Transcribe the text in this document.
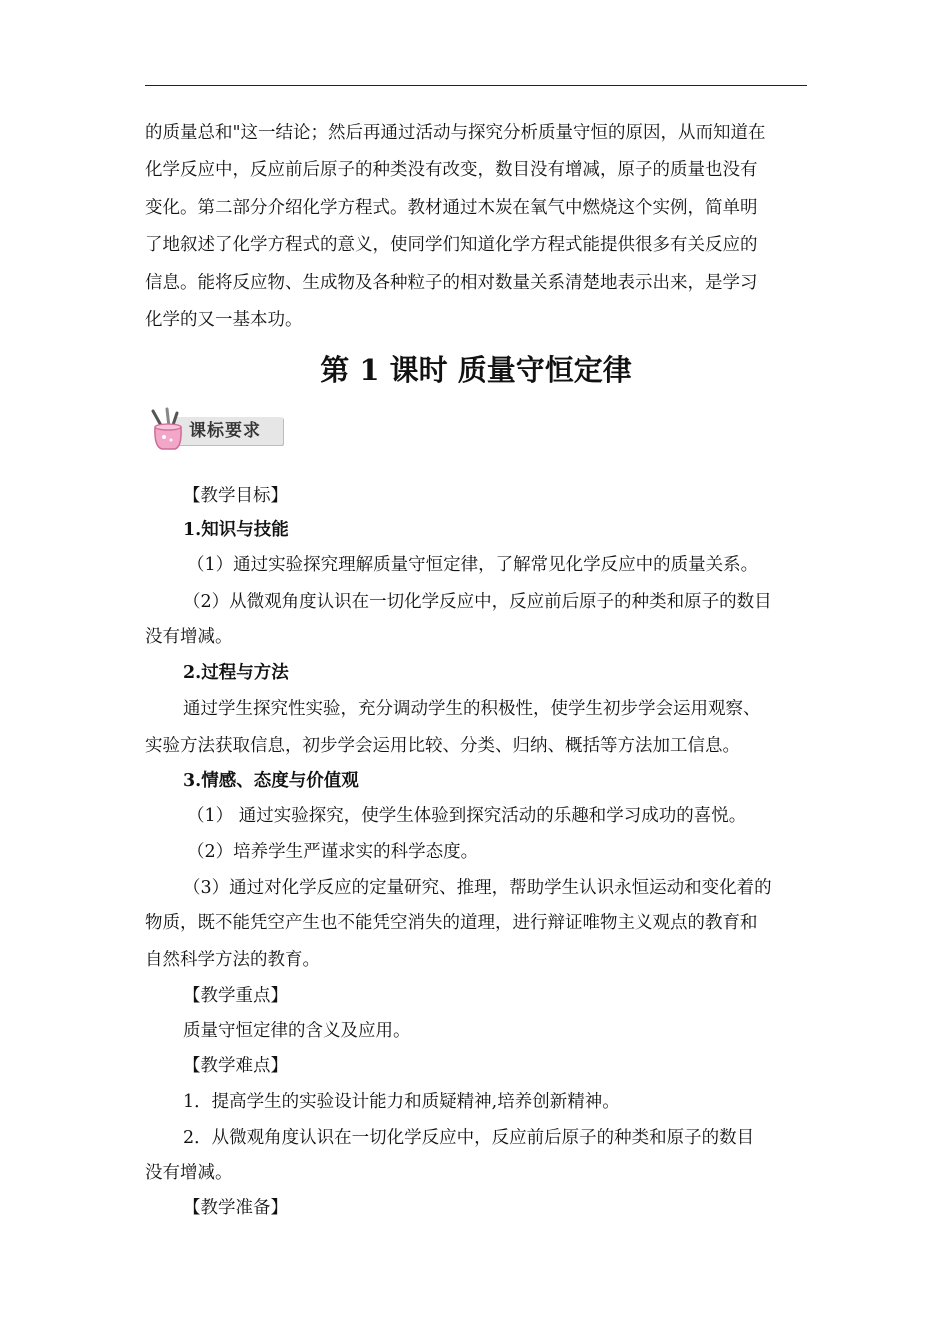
的质量总和"这一结论；然后再通过活动与探究分析质量守恒的原因，从而知道在
化学反应中，反应前后原子的种类没有改变，数目没有增减，原子的质量也没有
变化。第二部分介绍化学方程式。教材通过木炭在氧气中燃烧这个实例，简单明
了地叙述了化学方程式的意义，使同学们知道化学方程式能提供很多有关反应的
信息。能将反应物、生成物及各种粒子的相对数量关系清楚地表示出来，是学习
化学的又一基本功。
第 1 课时 质量守恒定律
课标要求
【教学目标】
1.知识与技能
（1）通过实验探究理解质量守恒定律，了解常见化学反应中的质量关系。
（2）从微观角度认识在一切化学反应中，反应前后原子的种类和原子的数目
没有增减。
2.过程与方法
通过学生探究性实验，充分调动学生的积极性，使学生初步学会运用观察、
实验方法获取信息，初步学会运用比较、分类、归纳、概括等方法加工信息。
3.情感、态度与价值观
（1） 通过实验探究，使学生体验到探究活动的乐趣和学习成功的喜悦。
（2）培养学生严谨求实的科学态度。
（3）通过对化学反应的定量研究、推理，帮助学生认识永恒运动和变化着的
物质，既不能凭空产生也不能凭空消失的道理，进行辩证唯物主义观点的教育和
自然科学方法的教育。
【教学重点】
质量守恒定律的含义及应用。
【教学难点】
1．提高学生的实验设计能力和质疑精神,培养创新精神。
2．从微观角度认识在一切化学反应中，反应前后原子的种类和原子的数目
没有增减。
【教学准备】
